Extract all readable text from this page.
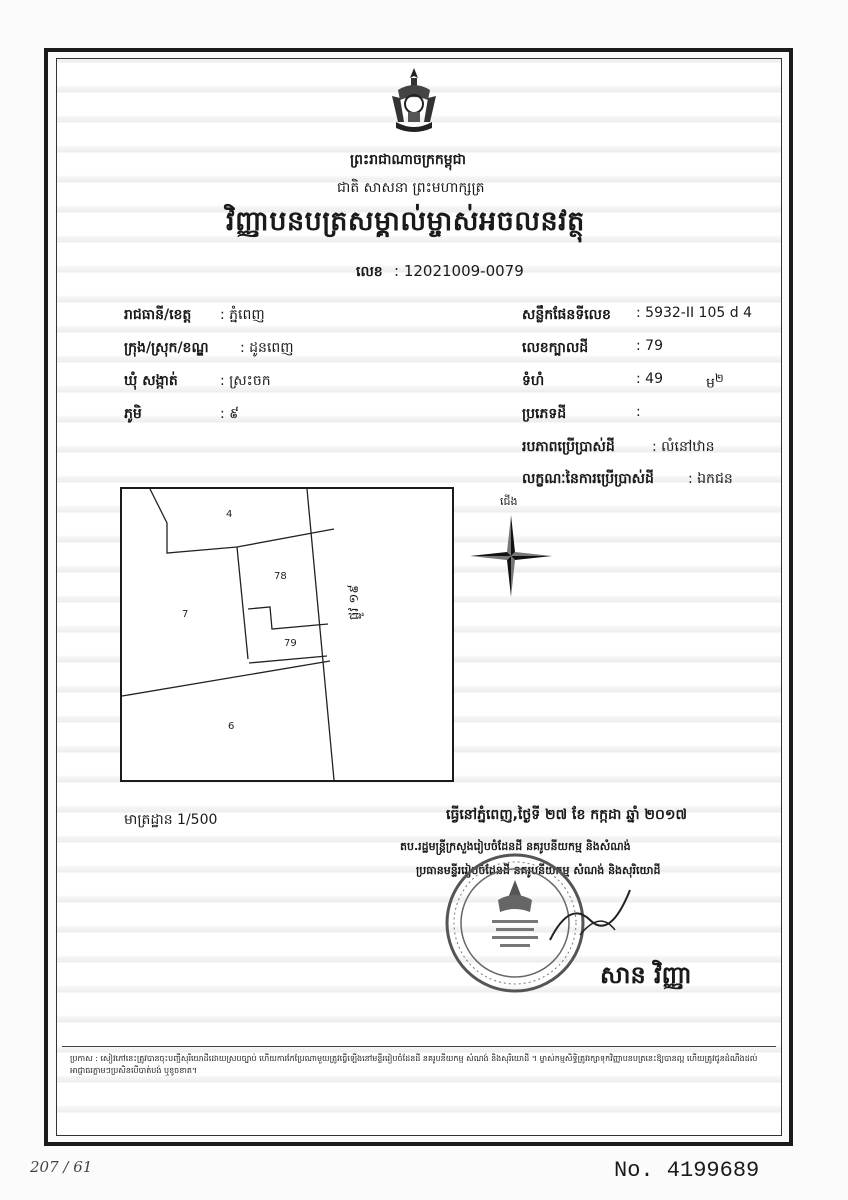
ព្រះរាជាណាចក្រកម្ពុជា
ជាតិ សាសនា ព្រះមហាក្សត្រ
វិញ្ញាបនបត្រសម្គាល់ម្ចាស់អចលនវត្ថុ
លេខ : 12021009-0079
រាជធានី/ខេត្ត : ភ្នំពេញ
ក្រុង/ស្រុក/ខណ្ឌ : ដូនពេញ
ឃុំ សង្កាត់	: ស្រះចក
ភូមិ	: ៩
សន្លឹកផែនទីលេខ : 5932-II 105 d 4
លេខក្បាលដី	: 79
ទំហំ	: 49	ម$^២$
ប្រភេទដី	:
របភាពប្រើប្រាស់ដី	: លំនៅឋាន
លក្ខណៈនៃការប្រើប្រាស់ដី : ឯកជន
4
78
7
79
6
ផ្លូវ ១៩
ជើង
មាត្រដ្ឋាន 1/500	ធ្វើនៅភ្នំពេញ,ថ្ងៃទី ២៧ ខែ កក្កដា ឆ្នាំ ២០១៧
តប.រដ្ឋមន្ត្រីក្រសួងរៀបចំដែនដី នគរូបនីយកម្ម និងសំណង់
ប្រធានមន្ទីររៀបចំដែនដី នគរូបនីយកម្ម សំណង់ និងសុរិយោដី
សាន វិញ្ញា
ប្រកាស : សៀវភៅនេះត្រូវបានចុះបញ្ជីសុរិយោដីដោយស្របច្បាប់ ហើយការកែប្រែណាមួយត្រូវធ្វើឡើងនៅមន្ទីររៀបចំដែនដី នគរូបនីយកម្ម សំណង់ និងសុរិយោដី ។ ម្ចាស់កម្មសិទ្ធិត្រូវរក្សាទុកវិញ្ញាបនបត្រនេះឱ្យបានល្អ ហើយត្រូវជូនដំណឹងដល់អាជ្ញាធរភ្លាមៗប្រសិនបើបាត់បង់ ឬខូចខាត។
207 / 61	No. 4199689
